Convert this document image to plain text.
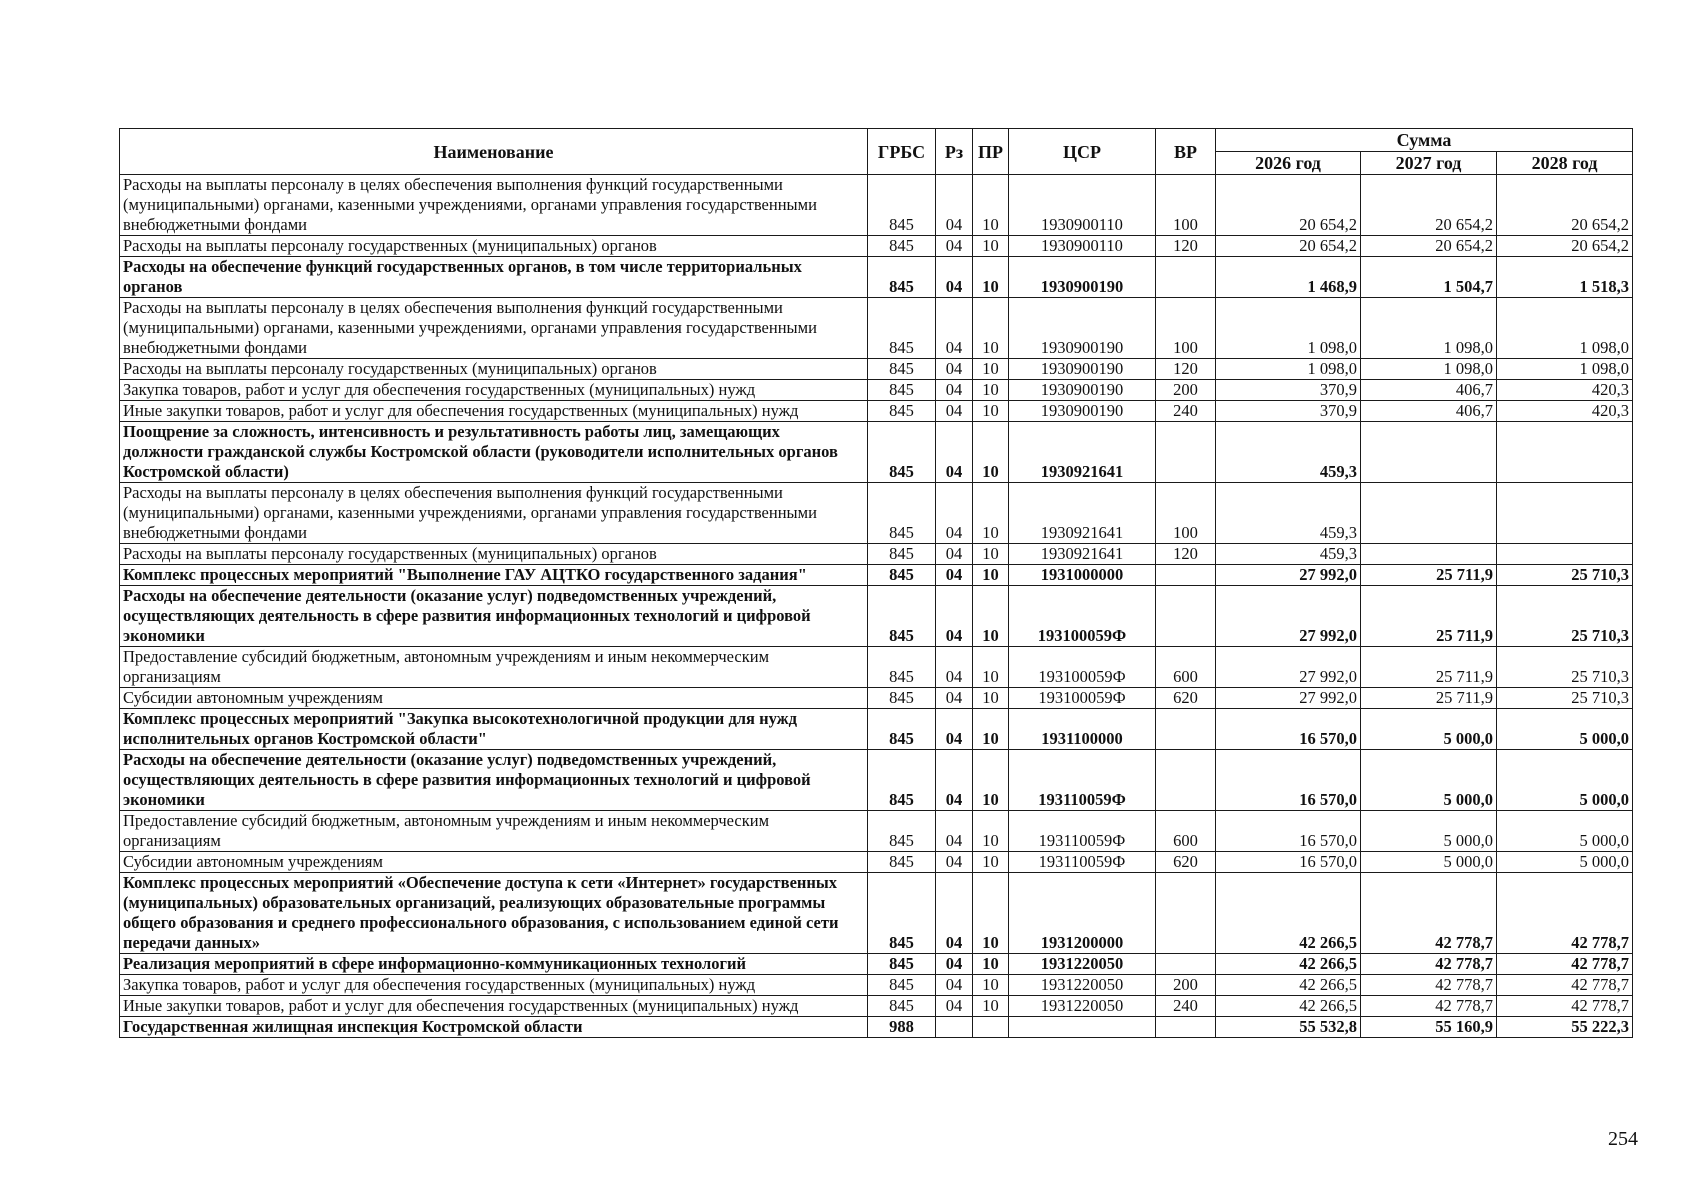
Наименование	ГРБС	Рз	ПР	ЦСР	ВР	Сумма		
						2026 год	2027 год	2028 год
Расходы на выплаты персоналу в целях обеспечения выполнения функций государственными (муниципальными) органами, казенными учреждениями, органами управления государственными внебюджетными фондами	845	04	10	1930900110	100	20 654,2	20 654,2	20 654,2
Расходы на выплаты персоналу государственных (муниципальных) органов	845	04	10	1930900110	120	20 654,2	20 654,2	20 654,2
Расходы на обеспечение функций государственных органов, в том числе территориальных органов	845	04	10	1930900190		1 468,9	1 504,7	1 518,3
Расходы на выплаты персоналу в целях обеспечения выполнения функций государственными (муниципальными) органами, казенными учреждениями, органами управления государственными внебюджетными фондами	845	04	10	1930900190	100	1 098,0	1 098,0	1 098,0
Расходы на выплаты персоналу государственных (муниципальных) органов	845	04	10	1930900190	120	1 098,0	1 098,0	1 098,0
Закупка товаров, работ и услуг для обеспечения государственных (муниципальных) нужд	845	04	10	1930900190	200	370,9	406,7	420,3
Иные закупки товаров, работ и услуг для обеспечения государственных (муниципальных) нужд	845	04	10	1930900190	240	370,9	406,7	420,3
Поощрение за сложность, интенсивность и результативность работы лиц, замещающих должности гражданской службы Костромской области (руководители исполнительных органов Костромской области)	845	04	10	1930921641		459,3		
Расходы на выплаты персоналу в целях обеспечения выполнения функций государственными (муниципальными) органами, казенными учреждениями, органами управления государственными внебюджетными фондами	845	04	10	1930921641	100	459,3		
Расходы на выплаты персоналу государственных (муниципальных) органов	845	04	10	1930921641	120	459,3		
Комплекс процессных мероприятий "Выполнение ГАУ АЦТКО государственного задания"	845	04	10	1931000000		27 992,0	25 711,9	25 710,3
Расходы на обеспечение деятельности (оказание услуг) подведомственных учреждений, осуществляющих деятельность в сфере развития информационных технологий и цифровой экономики	845	04	10	193100059Ф		27 992,0	25 711,9	25 710,3
Предоставление субсидий бюджетным, автономным учреждениям и иным некоммерческим организациям	845	04	10	193100059Ф	600	27 992,0	25 711,9	25 710,3
Субсидии автономным учреждениям	845	04	10	193100059Ф	620	27 992,0	25 711,9	25 710,3
Комплекс процессных мероприятий "Закупка высокотехнологичной продукции для нужд исполнительных органов Костромской области"	845	04	10	1931100000		16 570,0	5 000,0	5 000,0
Расходы на обеспечение деятельности (оказание услуг) подведомственных учреждений, осуществляющих деятельность в сфере развития информационных технологий и цифровой экономики	845	04	10	193110059Ф		16 570,0	5 000,0	5 000,0
Предоставление субсидий бюджетным, автономным учреждениям и иным некоммерческим организациям	845	04	10	193110059Ф	600	16 570,0	5 000,0	5 000,0
Субсидии автономным учреждениям	845	04	10	193110059Ф	620	16 570,0	5 000,0	5 000,0
Комплекс процессных мероприятий «Обеспечение доступа к сети «Интернет» государственных (муниципальных) образовательных организаций, реализующих образовательные программы общего образования и среднего профессионального образования, с использованием единой сети передачи данных»	845	04	10	1931200000		42 266,5	42 778,7	42 778,7
Реализация мероприятий в сфере информационно-коммуникационных технологий	845	04	10	1931220050		42 266,5	42 778,7	42 778,7
Закупка товаров, работ и услуг для обеспечения государственных (муниципальных) нужд	845	04	10	1931220050	200	42 266,5	42 778,7	42 778,7
Иные закупки товаров, работ и услуг для обеспечения государственных (муниципальных) нужд	845	04	10	1931220050	240	42 266,5	42 778,7	42 778,7
Государственная жилищная инспекция Костромской области	988					55 532,8	55 160,9	55 222,3
254
